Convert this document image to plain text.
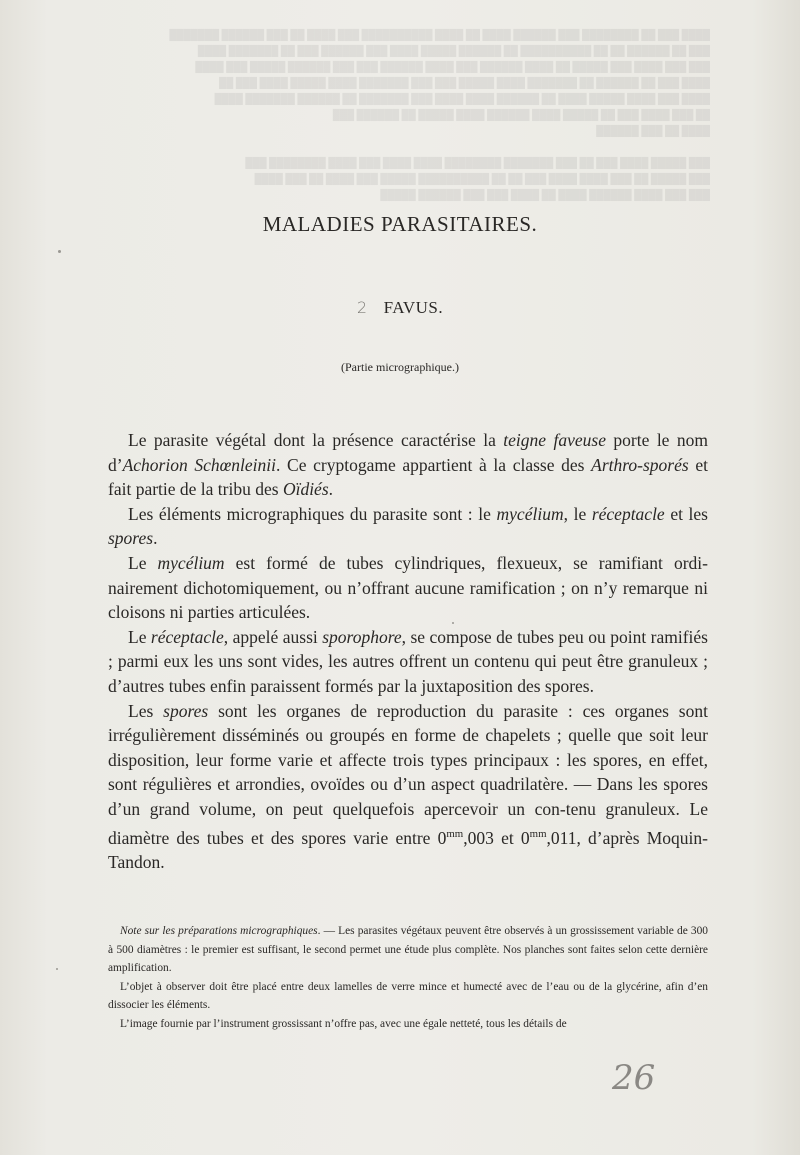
████ ███ ██ ████████ ███ ██████ ████ ██ ████ ██████████ ███ ████ ██ ███ ██████ ███████
███ ██ ██████ ██ ██ ██████████ ██ ██████ █████ ████ ███ ██████ ███ ██ ███████ ████
███ ███ ████ ███ █████ ██ ████ ██████ ███ ████ ██████ ███ ███ ██████ █████ ███ ████
████ ███ ██ ██████ ██ ███████ ████ █████ ███ ███ ███████ ████ █████ ████ ███ ██
████ ███ ████ █████ ████ ██ ██████ ████ ████ ███ ███████ ██ ██████ ███████ ████
██ ███ ████ ███ ██ █████ ████ ██████ ████ █████ ██ ██████ ███
████ ██ ███ ██████

███ █████ ████ ███ ██ ███ ███████ ████████ ████ ████ ███ ████ ████████ ███
███ █████ ██ ███ ████ ████ ███ ██ ██ ██████████ █████ ███ ████ ██ ███ ████
███ ███ ████ ██████ ████ ██ ████ ███ ███ ██████ █████
MALADIES PARASITAIRES.
2 FAVUS.
(Partie micrographique.)

Le parasite végétal dont la présence caractérise la teigne faveuse porte le nom d’Achorion Schœnleinii. Ce cryptogame appartient à la classe des Arthro-sporés et fait partie de la tribu des Oïdiés.

Les éléments micrographiques du parasite sont : le mycélium, le réceptacle et les spores.

Le mycélium est formé de tubes cylindriques, flexueux, se ramifiant ordi-nairement dichotomiquement, ou n’offrant aucune ramification ; on n’y remarque ni cloisons ni parties articulées.

Le réceptacle, appelé aussi sporophore, se compose de tubes peu ou point ramifiés ; parmi eux les uns sont vides, les autres offrent un contenu qui peut être granuleux ; d’autres tubes enfin paraissent formés par la juxtaposition des spores.

Les spores sont les organes de reproduction du parasite : ces organes sont irrégulièrement disséminés ou groupés en forme de chapelets ; quelle que soit leur disposition, leur forme varie et affecte trois types principaux : les spores, en effet, sont régulières et arrondies, ovoïdes ou d’un aspect quadrilatère. — Dans les spores d’un grand volume, on peut quelquefois apercevoir un con-tenu granuleux. Le diamètre des tubes et des spores varie entre $0^{mm},003$ et $0^{mm},011$, d’après Moquin-Tandon.

Note sur les préparations micrographiques. — Les parasites végétaux peuvent être observés à un grossissement variable de 300 à 500 diamètres : le premier est suffisant, le second permet une étude plus complète. Nos planches sont faites selon cette dernière amplification.

L’objet à observer doit être placé entre deux lamelles de verre mince et humecté avec de l’eau ou de la glycérine, afin d’en dissocier les éléments.

L’image fournie par l’instrument grossissant n’offre pas, avec une égale netteté, tous les détails de

26
